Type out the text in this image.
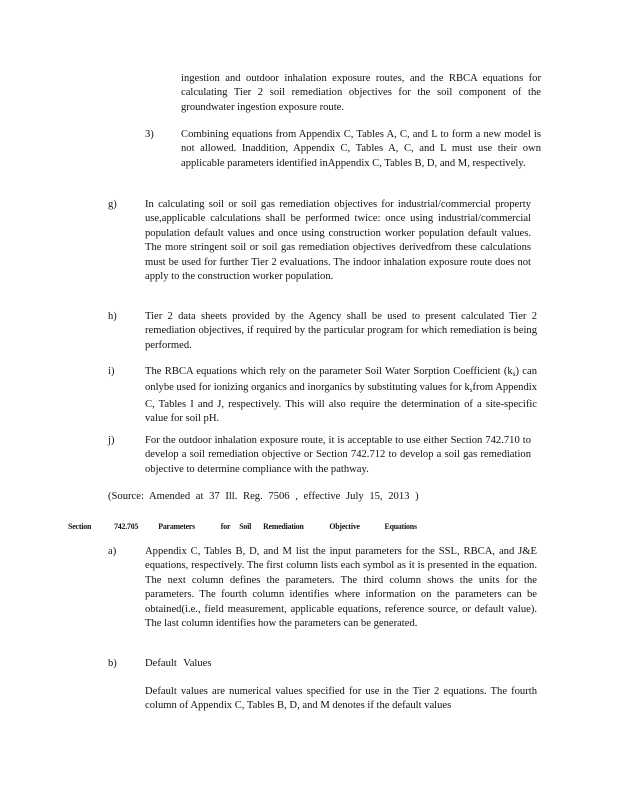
ingestion and outdoor inhalation exposure routes, and the RBCA equations for calculating Tier 2 soil remediation objectives for the soil component of the groundwater ingestion exposure route.
3)	Combining equations from Appendix C, Tables A, C, and L to form a new model is not allowed. Inaddition, Appendix C, Tables A, C, and L must use their own applicable parameters identified inAppendix C, Tables B, D, and M, respectively.
g)	In calculating soil or soil gas remediation objectives for industrial/commercial property use,applicable calculations shall be performed twice: once using industrial/commercial population default values and once using construction worker population default values. The more stringent soil or soil gas remediation objectives derivedfrom these calculations must be used for further Tier 2 evaluations. The indoor inhalation exposure route does not apply to the construction worker population.
h)	Tier 2 data sheets provided by the Agency shall be used to present calculated Tier 2 remediation objectives, if required by the particular program for which remediation is being performed.
i)	The RBCA equations which rely on the parameter Soil Water Sorption Coefficient $(k_s)$ can onlybe used for ionizing organics and inorganics by substituting values for $k_sfrom$ Appendix C, Tables I and J, respectively. This will also require the determination of a site-specific value for soil pH.
j)	For the outdoor inhalation exposure route, it is acceptable to use either Section 742.710 to develop a soil remediation objective or Section 742.712 to develop a soil gas remediation objective to determine compliance with the pathway.
(Source: Amended at 37 Ill. Reg. 7506 , effective July 15, 2013 )
Section	742.705 Parameters	for Soil Remediation	Objective	Equations
a)	Appendix C, Tables B, D, and M list the input parameters for the SSL, RBCA, and J&E equations, respectively. The first column lists each symbol as it is presented in the equation. The next column defines the parameters. The third column shows the units for the parameters. The fourth column identifies where information on the parameters can be obtained(i.e., field measurement, applicable equations, reference source, or default value). The last column identifies how the parameters can be generated.
b)	Default Values
Default values are numerical values specified for use in the Tier 2 equations. The fourth column of Appendix C, Tables B, D, and M denotes if the default values
